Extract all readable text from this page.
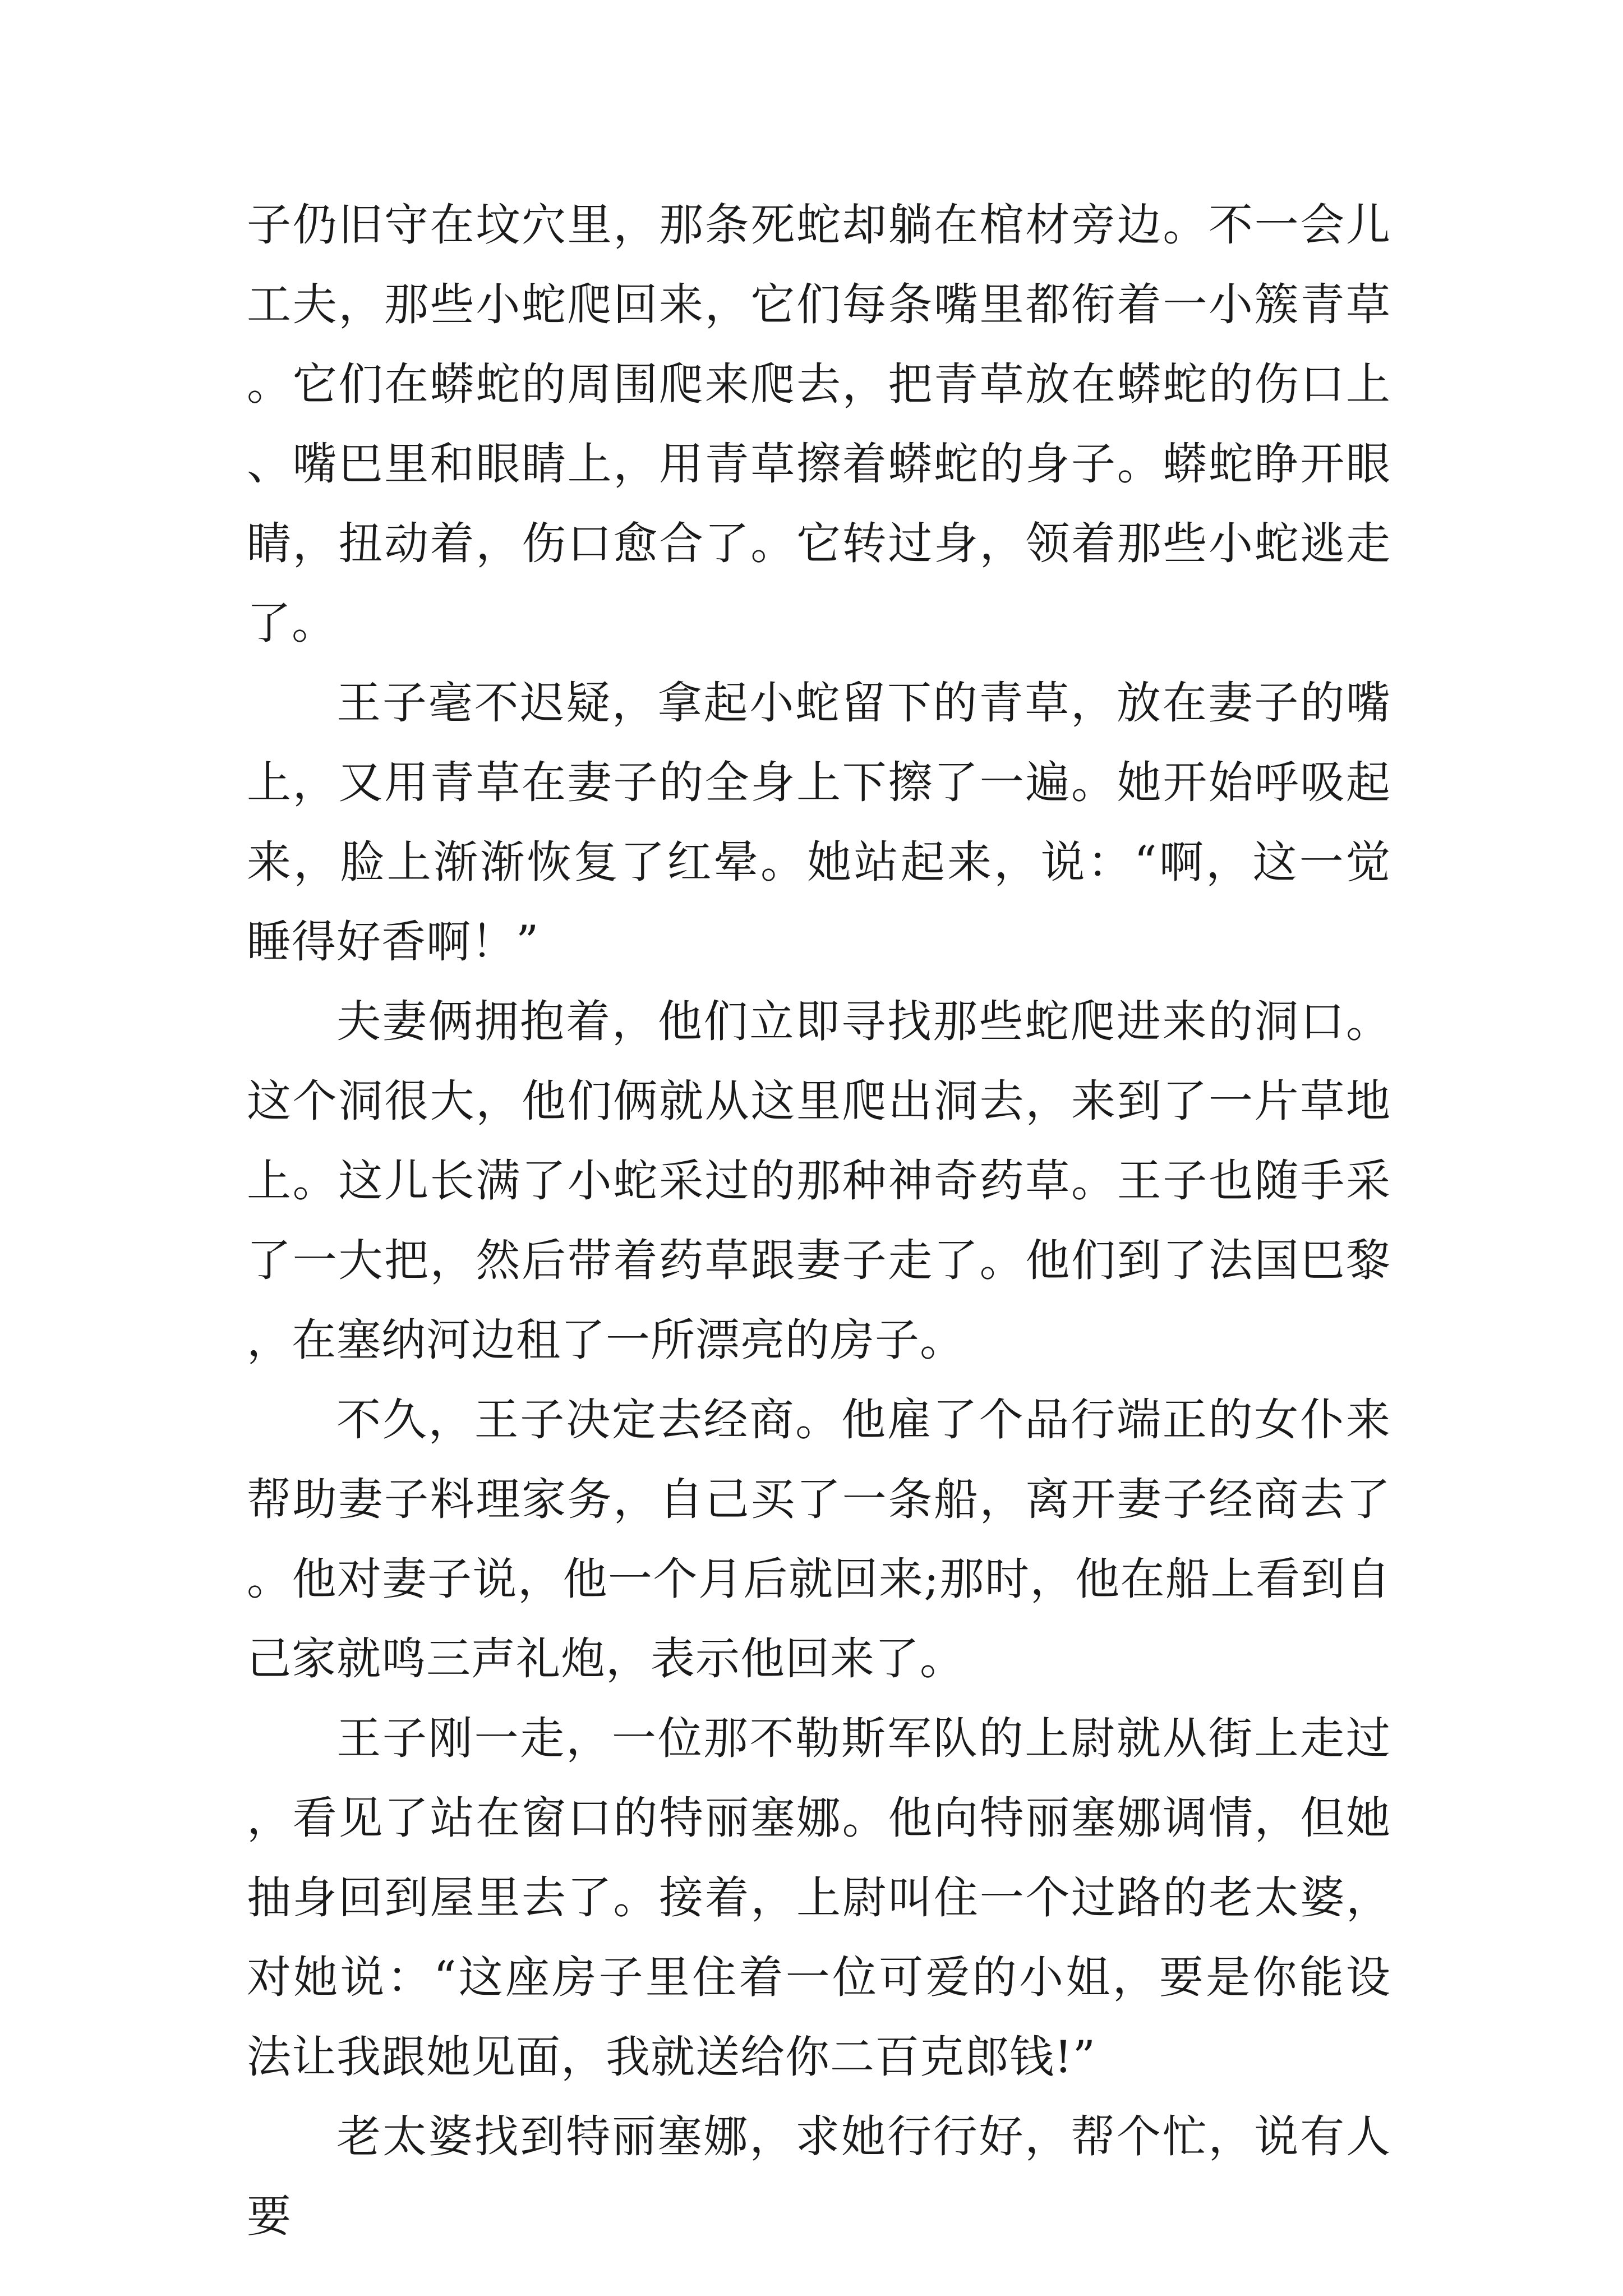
子仍旧守在坟穴里，那条死蛇却躺在棺材旁边。不一会儿工夫，那些小蛇爬回来，它们每条嘴里都衔着一小簇青草。它们在蟒蛇的周围爬来爬去，把青草放在蟒蛇的伤口上、嘴巴里和眼睛上，用青草擦着蟒蛇的身子。蟒蛇睁开眼睛，扭动着，伤口愈合了。它转过身，领着那些小蛇逃走了。

王子毫不迟疑，拿起小蛇留下的青草，放在妻子的嘴上，又用青草在妻子的全身上下擦了一遍。她开始呼吸起来，脸上渐渐恢复了红晕。她站起来，说：“啊，这一觉睡得好香啊！”

夫妻俩拥抱着，他们立即寻找那些蛇爬进来的洞口。这个洞很大，他们俩就从这里爬出洞去，来到了一片草地上。这儿长满了小蛇采过的那种神奇药草。王子也随手采了一大把，然后带着药草跟妻子走了。他们到了法国巴黎，在塞纳河边租了一所漂亮的房子。

不久，王子决定去经商。他雇了个品行端正的女仆来帮助妻子料理家务，自己买了一条船，离开妻子经商去了。他对妻子说，他一个月后就回来;那时，他在船上看到自己家就鸣三声礼炮，表示他回来了。

王子刚一走，一位那不勒斯军队的上尉就从街上走过，看见了站在窗口的特丽塞娜。他向特丽塞娜调情，但她抽身回到屋里去了。接着，上尉叫住一个过路的老太婆，对她说：“这座房子里住着一位可爱的小姐，要是你能设法让我跟她见面，我就送给你二百克郎钱!”

老太婆找到特丽塞娜，求她行行好，帮个忙，说有人要
